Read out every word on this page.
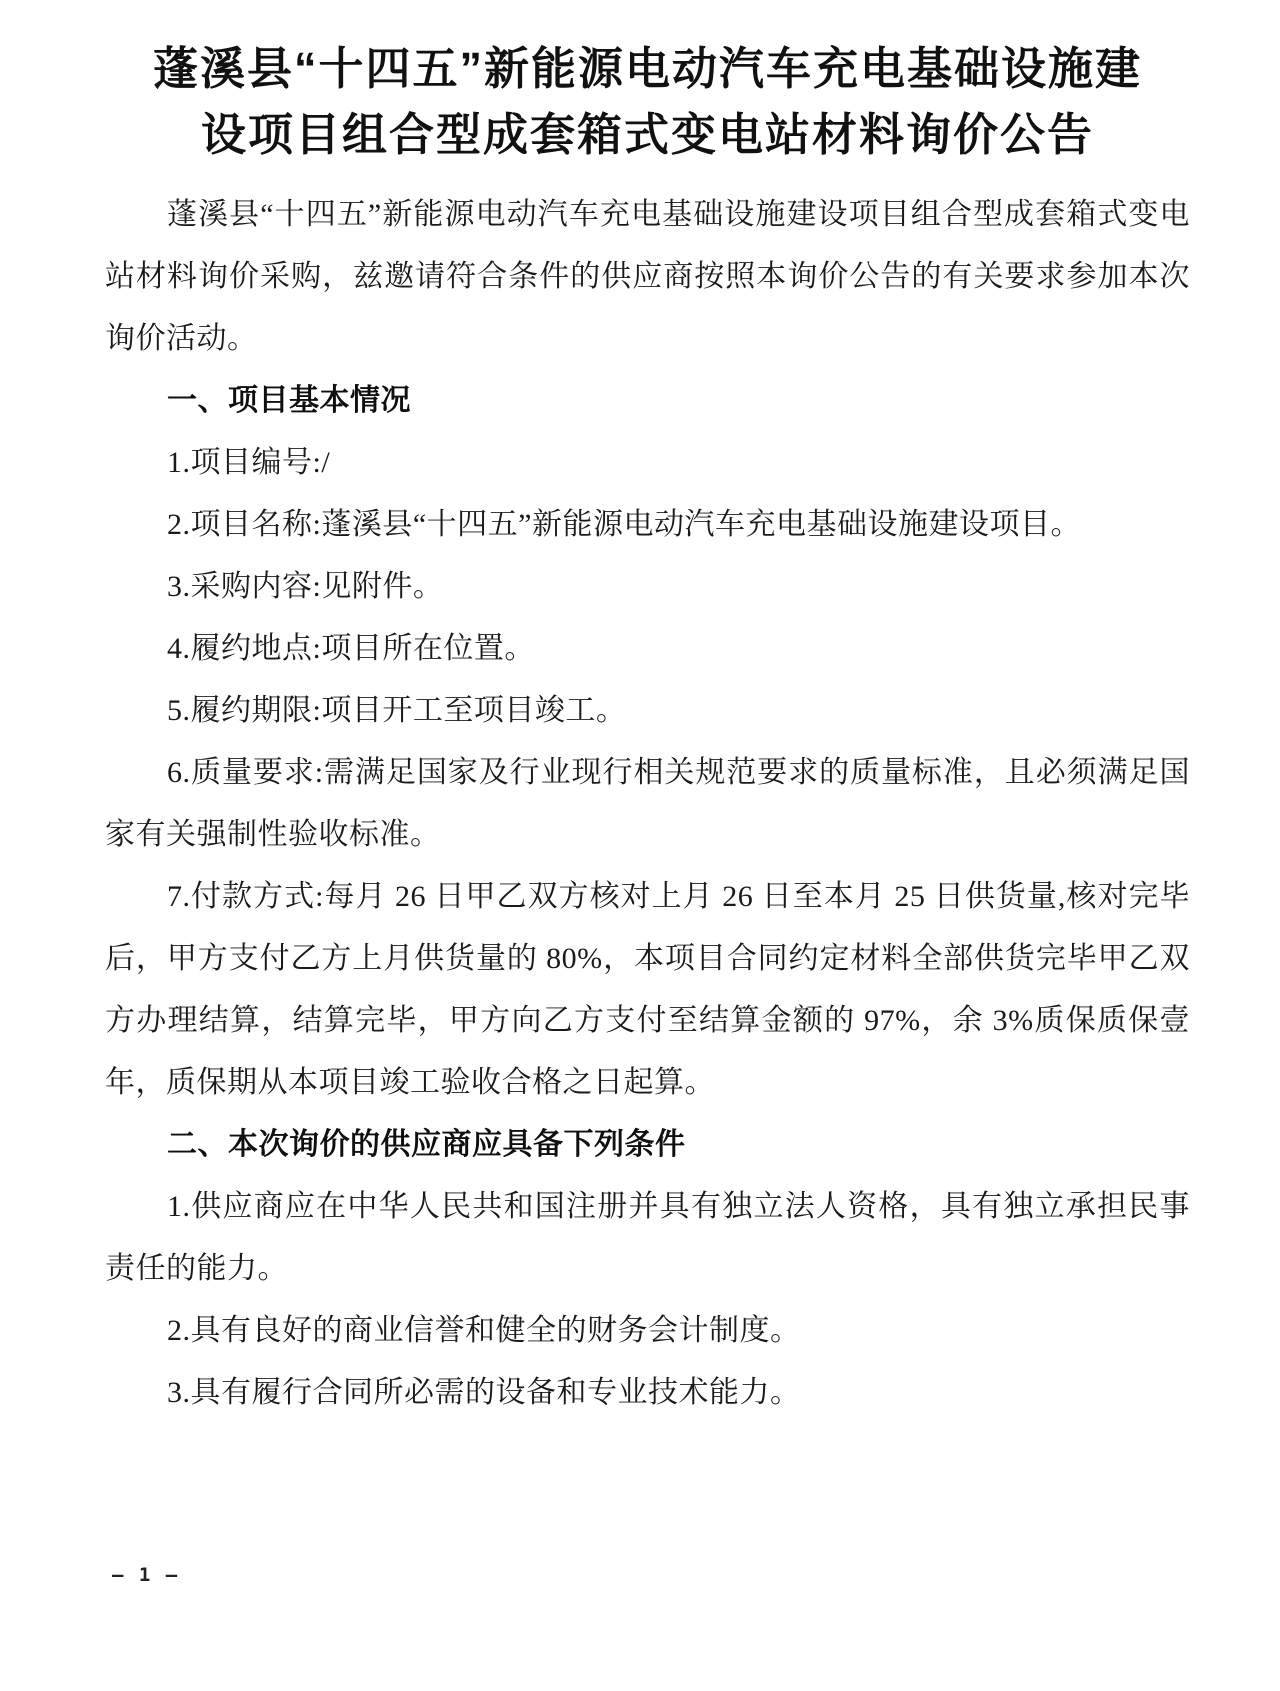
蓬溪县“十四五”新能源电动汽车充电基础设施建
设项目组合型成套箱式变电站材料询价公告

蓬溪县“十四五”新能源电动汽车充电基础设施建设项目组合型成套箱式变电站材料询价采购，兹邀请符合条件的供应商按照本询价公告的有关要求参加本次询价活动。

一、项目基本情况

1.项目编号:/

2.项目名称:蓬溪县“十四五”新能源电动汽车充电基础设施建设项目。

3.采购内容:见附件。

4.履约地点:项目所在位置。

5.履约期限:项目开工至项目竣工。

6.质量要求:需满足国家及行业现行相关规范要求的质量标准，且必须满足国家有关强制性验收标准。

7.付款方式:每月 26 日甲乙双方核对上月 26 日至本月 25 日供货量,核对完毕后，甲方支付乙方上月供货量的 80%，本项目合同约定材料全部供货完毕甲乙双方办理结算，结算完毕，甲方向乙方支付至结算金额的 97%，余 3%质保质保壹年，质保期从本项目竣工验收合格之日起算。

二、本次询价的供应商应具备下列条件

1.供应商应在中华人民共和国注册并具有独立法人资格，具有独立承担民事责任的能力。

2.具有良好的商业信誉和健全的财务会计制度。

3.具有履行合同所必需的设备和专业技术能力。

— 1 —
